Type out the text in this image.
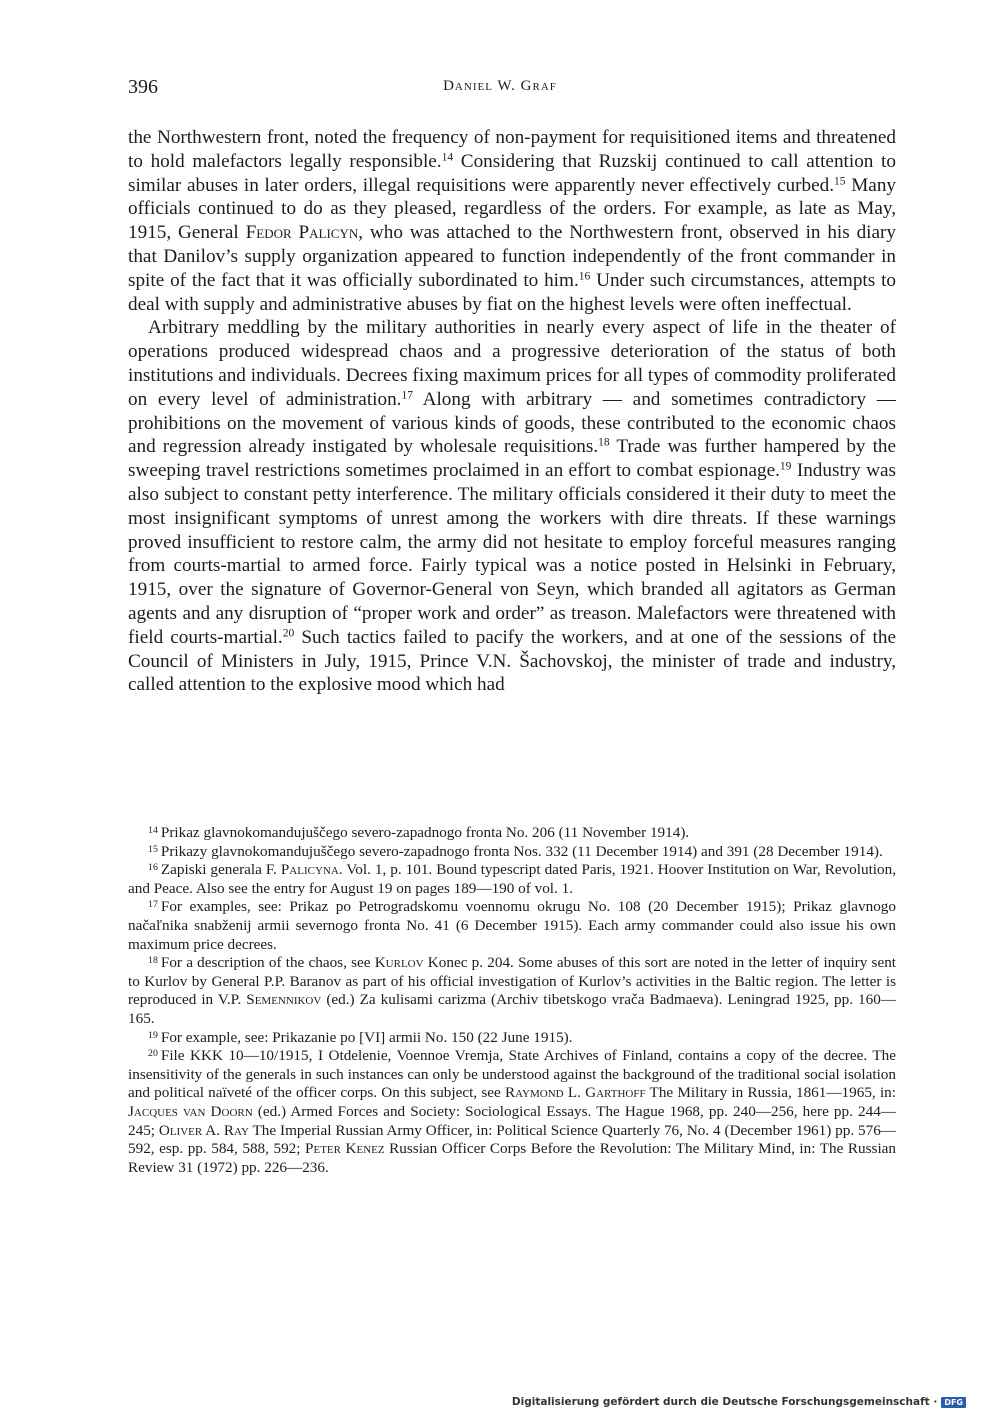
396	Daniel W. Graf

the Northwestern front, noted the frequency of non-payment for requisitioned items and threatened to hold malefactors legally responsible.$^{14}$ Considering that Ruzskij continued to call attention to similar abuses in later orders, illegal requisitions were apparently never effectively curbed.$^{15}$ Many officials continued to do as they pleased, regardless of the orders. For example, as late as May, 1915, General Fedor Palicyn, who was attached to the Northwestern front, observed in his diary that Danilov’s supply organization appeared to function independently of the front commander in spite of the fact that it was officially subordinated to him.$^{16}$ Under such circumstances, attempts to deal with supply and administrative abuses by fiat on the highest levels were often ineffectual.

Arbitrary meddling by the military authorities in nearly every aspect of life in the theater of operations produced widespread chaos and a progressive deterioration of the status of both institutions and individuals. Decrees fixing maximum prices for all types of commodity proliferated on every level of administration.$^{17}$ Along with arbitrary — and sometimes contradictory — prohibitions on the movement of various kinds of goods, these contributed to the economic chaos and regression already instigated by wholesale requisitions.$^{18}$ Trade was further hampered by the sweeping travel restrictions sometimes proclaimed in an effort to combat espionage.$^{19}$ Industry was also subject to constant petty interference. The military officials considered it their duty to meet the most insignificant symptoms of unrest among the workers with dire threats. If these warnings proved insufficient to restore calm, the army did not hesitate to employ forceful measures ranging from courts-martial to armed force. Fairly typical was a notice posted in Helsinki in February, 1915, over the signature of Governor-General von Seyn, which branded all agitators as German agents and any disruption of “proper work and order” as treason. Malefactors were threatened with field courts-martial.$^{20}$ Such tactics failed to pacify the workers, and at one of the sessions of the Council of Ministers in July, 1915, Prince V.N. Šachovskoj, the minister of trade and industry, called attention to the explosive mood which had

$^{14}$ Prikaz glavnokomandujuščego severo-zapadnogo fronta No. 206 (11 November 1914).

$^{15}$ Prikazy glavnokomandujuščego severo-zapadnogo fronta Nos. 332 (11 December 1914) and 391 (28 December 1914).

$^{16}$ Zapiski generala F. Palicyna. Vol. 1, p. 101. Bound typescript dated Paris, 1921. Hoover Institution on War, Revolution, and Peace. Also see the entry for August 19 on pages 189—190 of vol. 1.

$^{17}$ For examples, see: Prikaz po Petrogradskomu voennomu okrugu No. 108 (20 December 1915); Prikaz glavnogo načaľnika snabženij armii severnogo fronta No. 41 (6 December 1915). Each army commander could also issue his own maximum price decrees.

$^{18}$ For a description of the chaos, see Kurlov Konec p. 204. Some abuses of this sort are noted in the letter of inquiry sent to Kurlov by General P.P. Baranov as part of his official investigation of Kurlov’s activities in the Baltic region. The letter is reproduced in V.P. Semennikov (ed.) Za kulisami carizma (Archiv tibetskogo vrača Badmaeva). Leningrad 1925, pp. 160—165.

$^{19}$ For example, see: Prikazanie po [VI] armii No. 150 (22 June 1915).

$^{20}$ File KKK 10—10/1915, I Otdelenie, Voennoe Vremja, State Archives of Finland, contains a copy of the decree. The insensitivity of the generals in such instances can only be understood against the background of the traditional social isolation and political naïveté of the officer corps. On this subject, see Raymond L. Garthoff The Military in Russia, 1861—1965, in: Jacques van Doorn (ed.) Armed Forces and Society: Sociological Essays. The Hague 1968, pp. 240—256, here pp. 244—245; Oliver A. Ray The Imperial Russian Army Officer, in: Political Science Quarterly 76, No. 4 (December 1961) pp. 576—592, esp. pp. 584, 588, 592; Peter Kenez Russian Officer Corps Before the Revolution: The Military Mind, in: The Russian Review 31 (1972) pp. 226—236.

Digitalisierung gefördert durch die Deutsche Forschungsgemeinschaft · DFG
